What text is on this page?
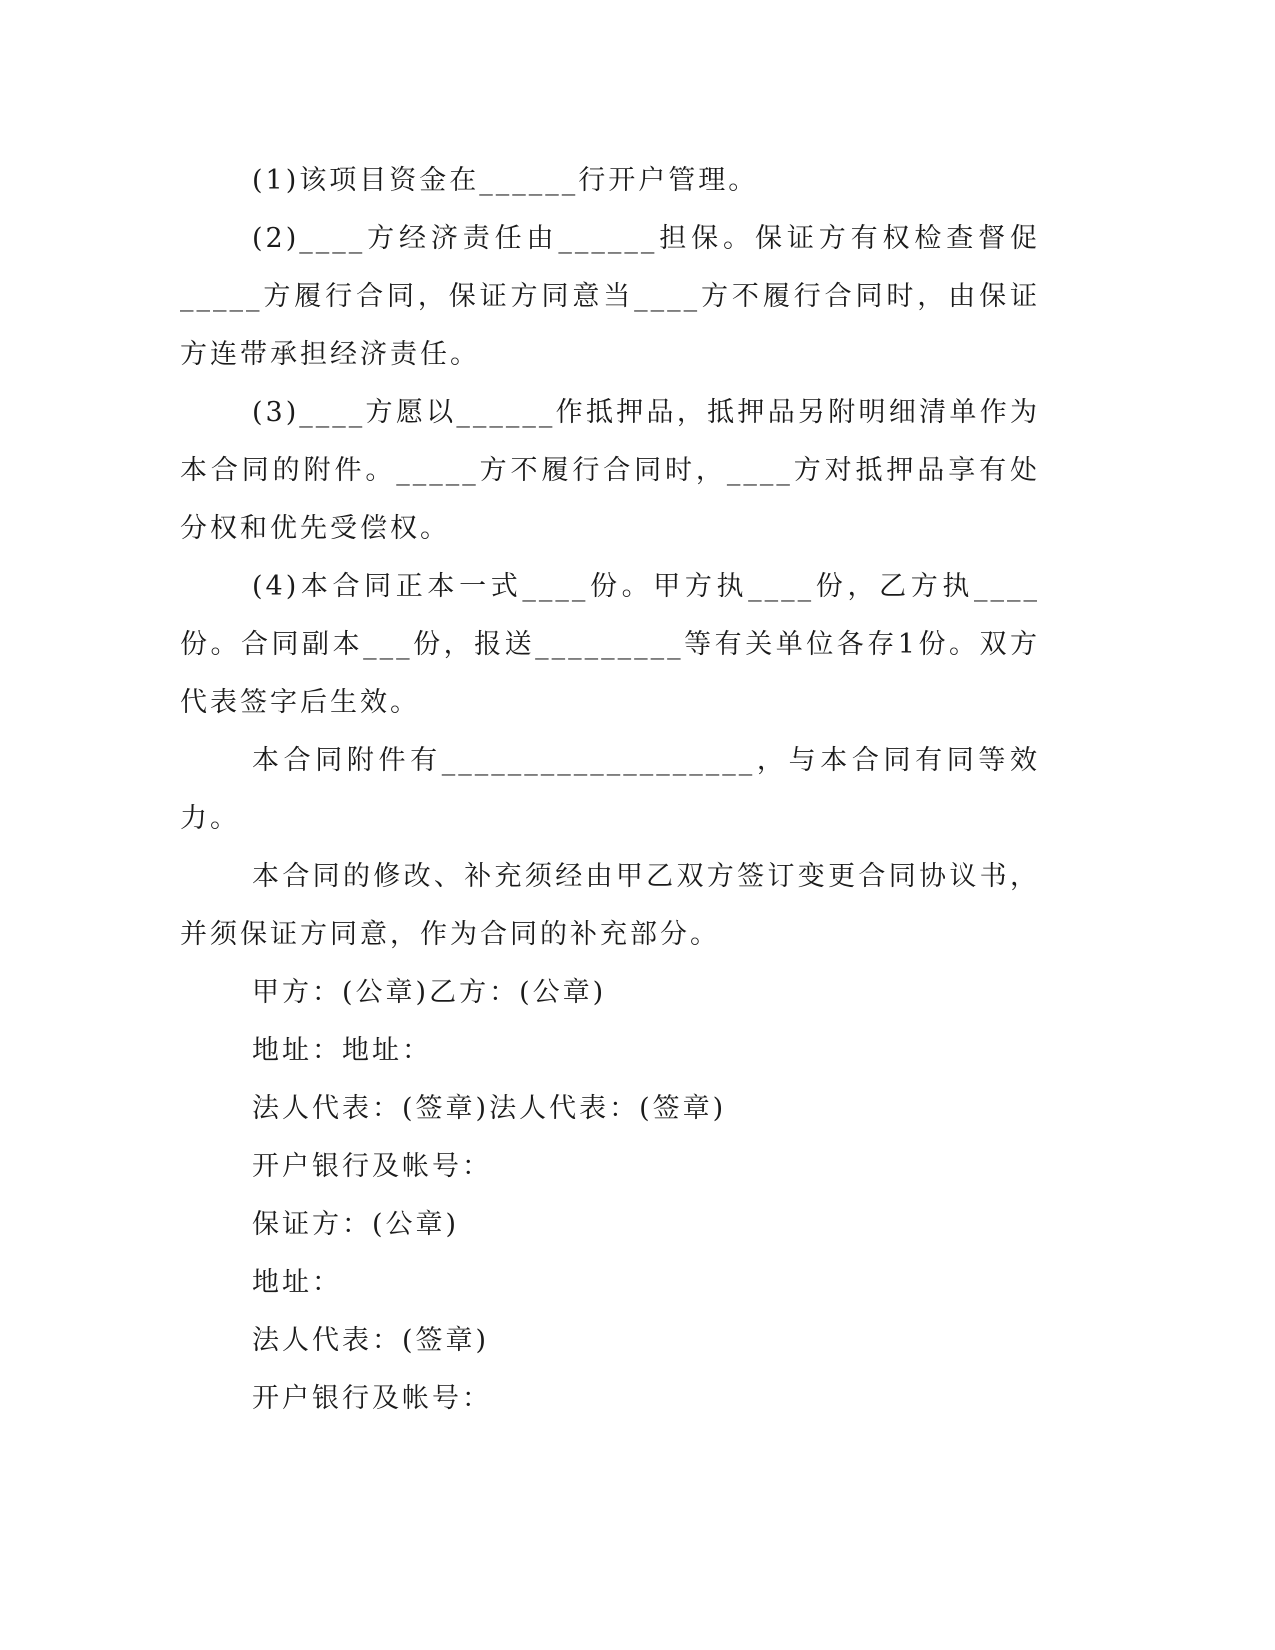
(1)该项目资金在______行开户管理。

(2)____方经济责任由______担保。保证方有权检查督促_____方履行合同，保证方同意当____方不履行合同时，由保证方连带承担经济责任。

(3)____方愿以______作抵押品，抵押品另附明细清单作为本合同的附件。_____方不履行合同时，____方对抵押品享有处分权和优先受偿权。

(4)本合同正本一式____份。甲方执____份，乙方执____份。合同副本___份，报送_________等有关单位各存1份。双方代表签字后生效。

本合同附件有___________________，与本合同有同等效力。

本合同的修改、补充须经由甲乙双方签订变更合同协议书，并须保证方同意，作为合同的补充部分。

甲方：(公章)乙方：(公章)

地址：地址：

法人代表：(签章)法人代表：(签章)

开户银行及帐号：

保证方：(公章)

地址：

法人代表：(签章)

开户银行及帐号：
